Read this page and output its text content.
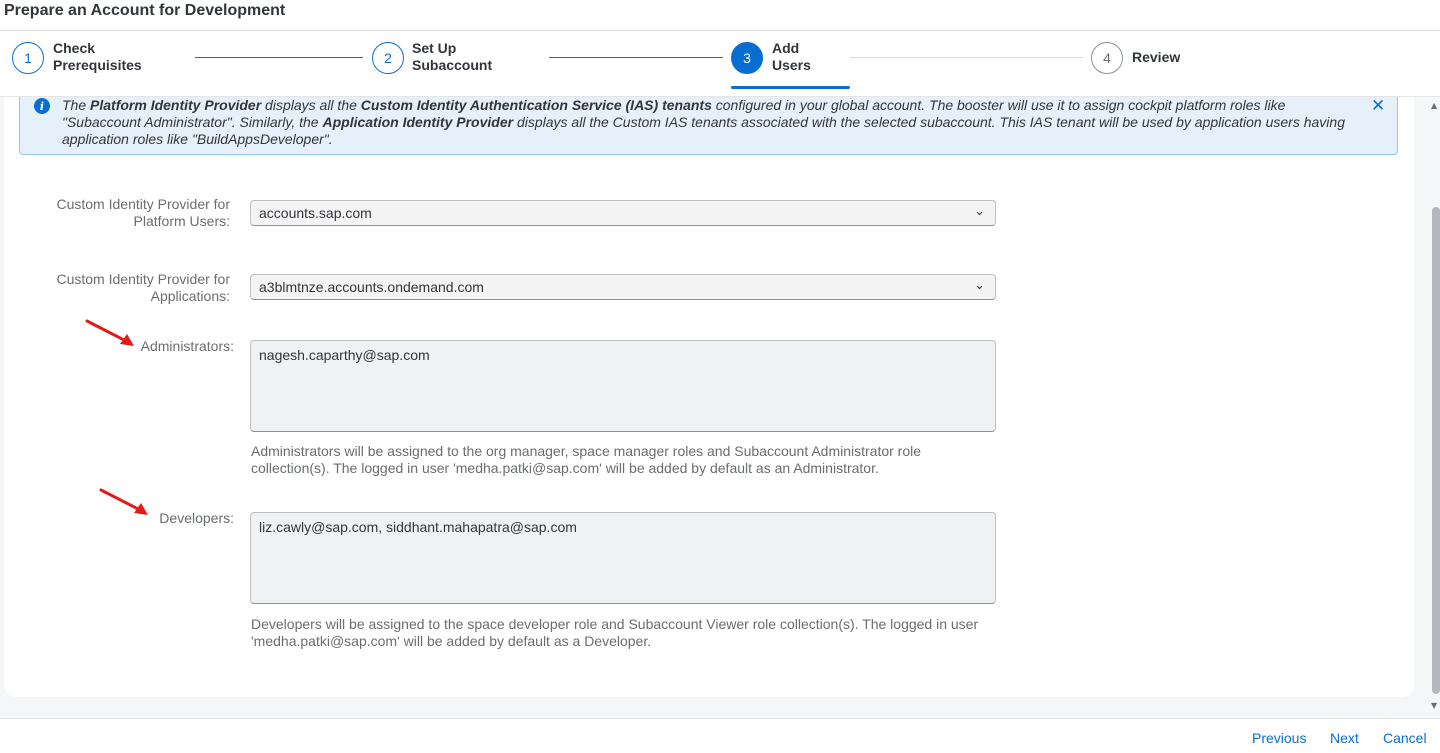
Prepare an Account for Development
1
Check
Prerequisites	2
Set Up
Subaccount	3
Add
Users	4	Review
i	The Platform Identity Provider displays all the Custom Identity Authentication Service (IAS) tenants configured in your global account. The booster will use it to assign cockpit platform roles like "Subaccount Administrator". Similarly, the Application Identity Provider displays all the Custom IAS tenants associated with the selected subaccount. This IAS tenant will be used by application users having application roles like "BuildAppsDeveloper".
✕
Custom Identity Provider for
Platform Users:	accounts.sap.com	⌄
Custom Identity Provider for
Applications:
a3blmtnze.accounts.ondemand.com	⌄
Administrators:
nagesh.caparthy@sap.com
Administrators will be assigned to the org manager, space manager roles and Subaccount Administrator role
collection(s). The logged in user 'medha.patki@sap.com' will be added by default as an Administrator.
Developers:
liz.cawly@sap.com, siddhant.mahapatra@sap.com
Developers will be assigned to the space developer role and Subaccount Viewer role collection(s). The logged in user
'medha.patki@sap.com' will be added by default as a Developer.
▲
▼
Previous Next Cancel
